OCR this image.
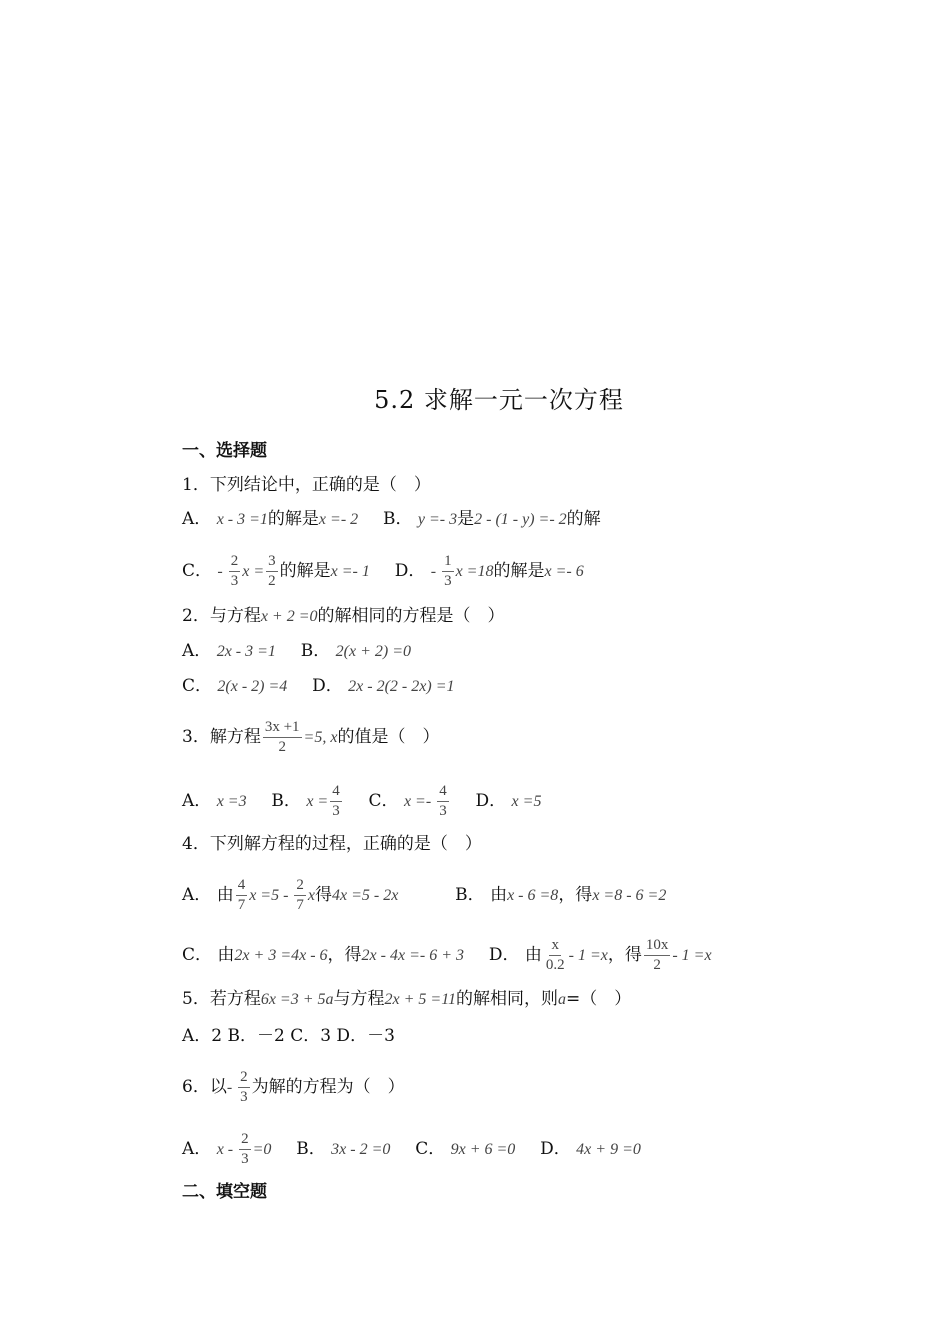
5.2 求解一元一次方程
一、选择题
1．下列结论中，正确的是（　）
A． x - 3 =1的解是x =- 2 B． y =- 3是2 - (1 - y) =- 2的解
C． - $\frac{2}{3}$ $x = \frac{3}{2}$ 的解是x =- 1 D． - $\frac{1}{3}$ x =18的解是x =- 6
2．与方程x + 2 =0的解相同的方程是（　）
A． 2x - 3 =1 B． 2(x + 2) =0
C． 2(x - 2) =4 D． 2x - 2(2 - 2x) =1
3．解方程 $\frac{3x +1}{2} =5$, x的值是（　）
A． x =3 B． $x = \frac{4}{3}$ C． $x =- \frac{4}{3}$ D． x =5
4．下列解方程的过程，正确的是（　）
A． 由 $\frac{4}{7}$ $x =5 - \frac{2}{7}$ x得4x =5 - 2x	B． 由x - 6 =8，得x =8 - 6 =2
C． 由2x + 3 =4x - 6，得2x - 4x =- 6 + 3 D． 由 $\frac{x}{0.2} - 1 =x$，得 $\frac{10x}{2} - 1 =x$
5．若方程6x =3 + 5a与方程2x + 5 =11的解相同，则a=（　）
A．2 B．－2 C．3 D．－3
6．以- $\frac{2}{3}$ 为解的方程为（　）
A． $x - \frac{2}{3} =0$ B． 3x - 2 =0 C． 9x + 6 =0 D． 4x + 9 =0
二、填空题
